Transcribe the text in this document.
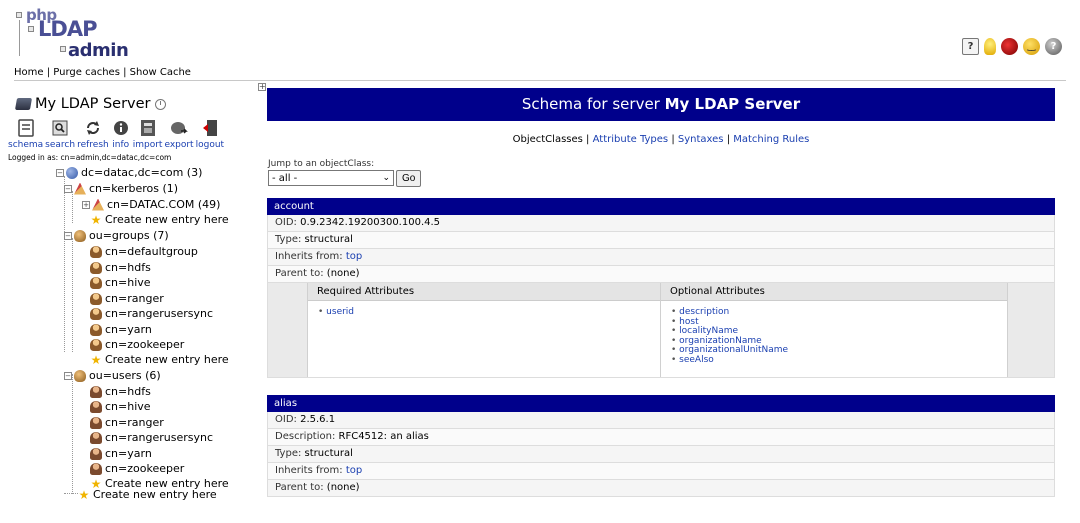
php
LDAP
admin	?	‿	?
Home | Purge caches | Show Cache
+
My LDAP Server
schema search refresh info import export logout
Logged in as: cn=admin,dc=datac,dc=com
− dc=datac,dc=com (3)
− cn=kerberos (1)
+ cn=DATAC.COM (49)
★ Create new entry here
− ou=groups (7)
cn=defaultgroup
cn=hdfs
cn=hive
cn=ranger
cn=rangerusersync
cn=yarn
cn=zookeeper
★ Create new entry here
− ou=users (6)
cn=hdfs
cn=hive
cn=ranger
cn=rangerusersync
cn=yarn
cn=zookeeper
★ Create new entry here
★ Create new entry here
Schema for server My LDAP Server
ObjectClasses | Attribute Types | Syntaxes | Matching Rules
Jump to an objectClass:
- all -	⌄	Go
account
OID: 0.9.2342.19200300.100.4.5
Type: structural
Inherits from: top
Parent to: (none)
Required Attributes
• userid
Optional Attributes
• description
• host
• localityName
• organizationName
• organizationalUnitName
• seeAlso
alias
OID: 2.5.6.1
Description: RFC4512: an alias
Type: structural
Inherits from: top
Parent to: (none)
